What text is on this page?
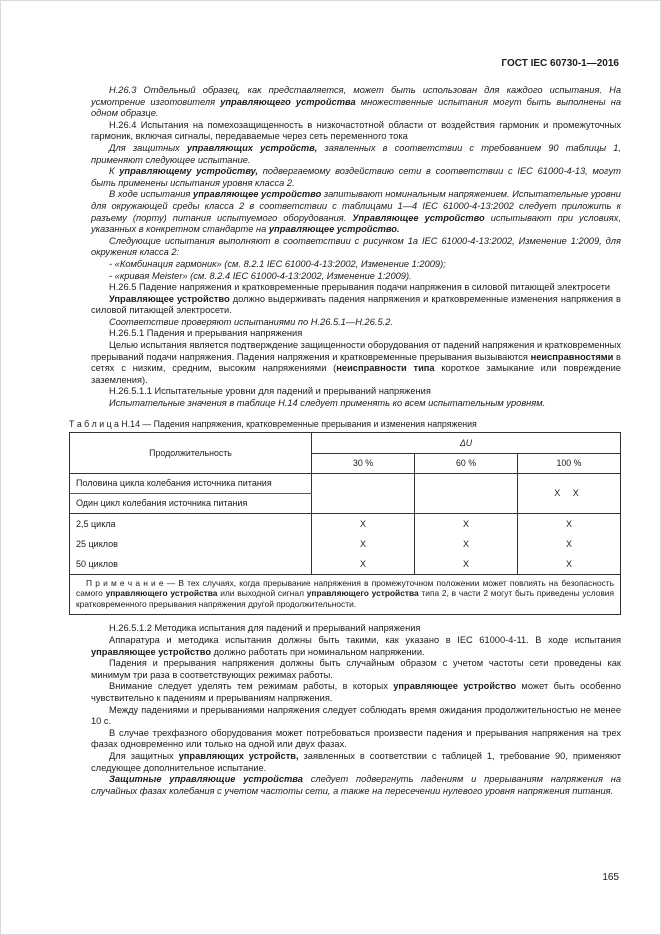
ГОСТ IEC 60730-1—2016

Н.26.3 Отдельный образец, как представляется, может быть использован для каждого испытания. На усмотрение изготовителя управляющего устройства множественные испытания могут быть выполнены на одном образце.

Н.26.4 Испытания на помехозащищенность в низкочастотной области от воздействия гармоник и промежуточных гармоник, включая сигналы, передаваемые через сеть переменного тока

Для защитных управляющих устройств, заявленных в соответствии с требованием 90 таблицы 1, применяют следующее испытание.

К управляющему устройству, подвергаемому воздействию сети в соответствии с IEC 61000-4-13, могут быть применены испытания уровня класса 2.

В ходе испытания управляющее устройство запитывают номинальным напряжением. Испытательные уровни для окружающей среды класса 2 в соответствии с таблицами 1—4 IEC 61000-4-13:2002 следует приложить к разъему (порту) питания испытуемого оборудования. Управляющее устройство испытывают при условиях, указанных в конкретном стандарте на управляющее устройство.

Следующие испытания выполняют в соответствии с рисунком 1а IEC 61000-4-13:2002, Изменение 1:2009, для окружения класса 2:

- «Комбинация гармоник» (см. 8.2.1 IEC 61000-4-13:2002, Изменение 1:2009);

- «кривая Meister» (см. 8.2.4 IEC 61000-4-13:2002, Изменение 1:2009).

Н.26.5 Падение напряжения и кратковременные прерывания подачи напряжения в силовой питающей электросети

Управляющее устройство должно выдерживать падения напряжения и кратковременные изменения напряжения в силовой питающей электросети.

Соответствие проверяют испытаниями по Н.26.5.1—Н.26.5.2.

Н.26.5.1 Падения и прерывания напряжения

Целью испытания является подтверждение защищенности оборудования от падений напряжения и кратковременных прерываний подачи напряжения. Падения напряжения и кратковременные прерывания вызываются неисправностями в сетях с низким, средним, высоким напряжениями (неисправности типа короткое замыкание или повреждение заземления).

Н.26.5.1.1 Испытательные уровни для падений и прерываний напряжения

Испытательные значения в таблице Н.14 следует применять ко всем испытательным уровням.

Т а б л и ц а Н.14 — Падения напряжения, кратковременные прерывания и изменения напряжения
Продолжительность	ΔU		
	30 %	60 %	100 %
Половина цикла колебания источника питания			Х Х
Один цикл колебания источника питания			
2,5 цикла	Х	Х	Х
25 циклов	Х	Х	Х
50 циклов	Х	Х	Х
П р и м е ч а н и е — В тех случаях, когда прерывание напряжения в промежуточном положении может повлиять на безопасность самого управляющего устройства или выходной сигнал управляющего устройства типа 2, в части 2 могут быть приведены условия кратковременного прерывания напряжения другой продолжительности.			

Н.26.5.1.2 Методика испытания для падений и прерываний напряжения

Аппаратура и методика испытания должны быть такими, как указано в IEC 61000-4-11. В ходе испытания управляющее устройство должно работать при номинальном напряжении.

Падения и прерывания напряжения должны быть случайным образом с учетом частоты сети проведены как минимум три раза в соответствующих режимах работы.

Внимание следует уделять тем режимам работы, в которых управляющее устройство может быть особенно чувствительно к падениям и прерываниям напряжения.

Между падениями и прерываниями напряжения следует соблюдать время ожидания продолжительностью не менее 10 с.

В случае трехфазного оборудования может потребоваться произвести падения и прерывания напряжения на трех фазах одновременно или только на одной или двух фазах.

Для защитных управляющих устройств, заявленных в соответствии с таблицей 1, требование 90, применяют следующее дополнительное испытание.

Защитные управляющие устройства следует подвергнуть падениям и прерываниям напряжения на случайных фазах колебания с учетом частоты сети, а также на пересечении нулевого уровня напряжения питания.

165
